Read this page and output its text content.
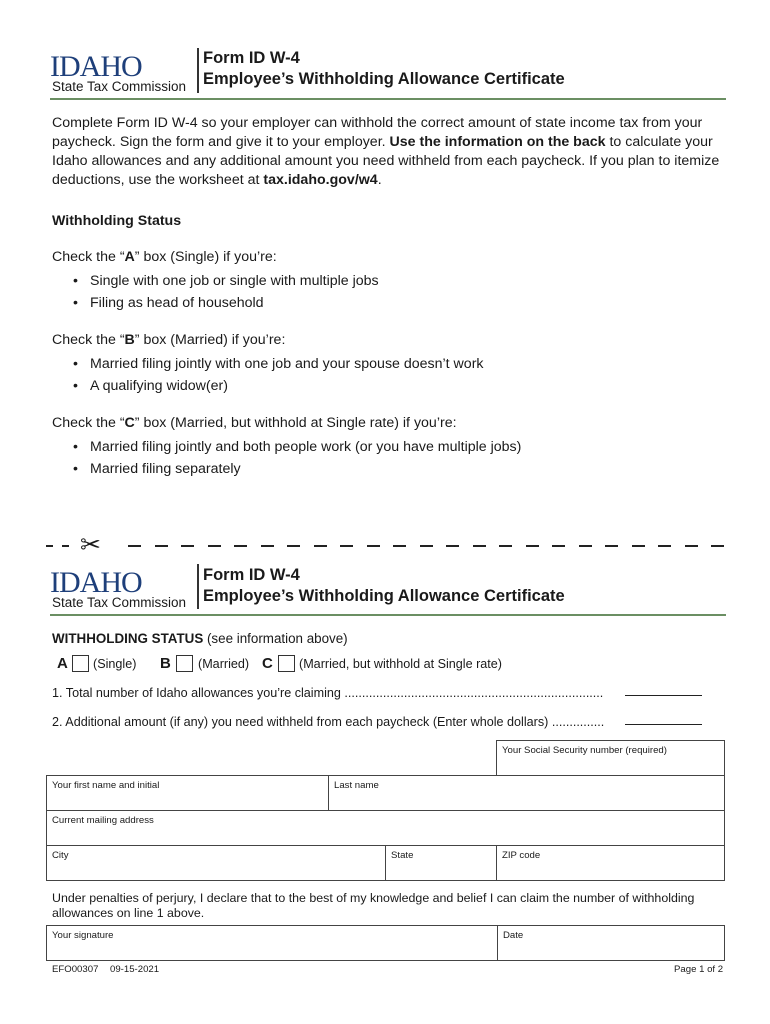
IDAHO
State Tax Commission
Form ID W-4
Employee’s Withholding Allowance Certificate
Complete Form ID W-4 so your employer can withhold the correct amount of state income tax from your paycheck. Sign the form and give it to your employer. Use the information on the back to calculate your Idaho allowances and any additional amount you need withheld from each paycheck. If you plan to itemize deductions, use the worksheet at tax.idaho.gov/w4.
Withholding Status
Check the “A” box (Single) if you’re:
• Single with one job or single with multiple jobs
• Filing as head of household
Check the “B” box (Married) if you’re:
• Married filing jointly with one job and your spouse doesn’t work
• A qualifying widow(er)
Check the “C” box (Married, but withhold at Single rate) if you’re:
• Married filing jointly and both people work (or you have multiple jobs)
• Married filing separately
✂
IDAHO
State Tax Commission
Form ID W-4
Employee’s Withholding Allowance Certificate
WITHHOLDING STATUS (see information above)
A (Single) B (Married) C (Married, but withhold at Single rate)
1. Total number of Idaho allowances you’re claiming ..........................................................................
2. Additional amount (if any) you need withheld from each paycheck (Enter whole dollars) ...............
Your Social Security number (required)
Your first name and initial	Last name
Current mailing address
City	State	ZIP code
Under penalties of perjury, I declare that to the best of my knowledge and belief I can claim the number of withholding allowances on line 1 above.
Your signature	Date
EFO00307 09-15-2021	Page 1 of 2
